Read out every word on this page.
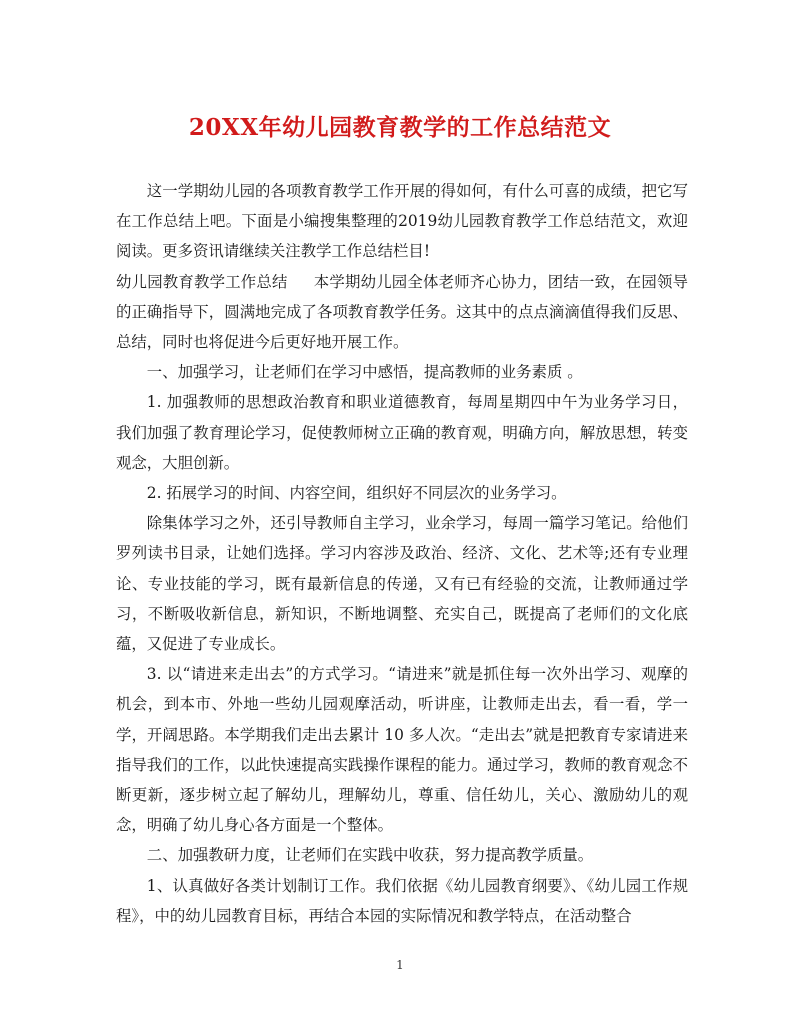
20XX年幼儿园教育教学的工作总结范文

这一学期幼儿园的各项教育教学工作开展的得如何，有什么可喜的成绩，把它写在工作总结上吧。下面是小编搜集整理的2019幼儿园教育教学工作总结范文，欢迎阅读。更多资讯请继续关注教学工作总结栏目!

幼儿园教育教学工作总结 本学期幼儿园全体老师齐心协力，团结一致，在园领导的正确指导下，圆满地完成了各项教育教学任务。这其中的点点滴滴值得我们反思、总结，同时也将促进今后更好地开展工作。

一、加强学习，让老师们在学习中感悟，提高教师的业务素质 。

1. 加强教师的思想政治教育和职业道德教育，每周星期四中午为业务学习日，我们加强了教育理论学习，促使教师树立正确的教育观，明确方向，解放思想，转变观念，大胆创新。

2. 拓展学习的时间、内容空间，组织好不同层次的业务学习。

除集体学习之外，还引导教师自主学习，业余学习，每周一篇学习笔记。给他们罗列读书目录，让她们选择。学习内容涉及政治、经济、文化、艺术等;还有专业理论、专业技能的学习，既有最新信息的传递，又有已有经验的交流，让教师通过学习，不断吸收新信息，新知识，不断地调整、充实自己，既提高了老师们的文化底蕴，又促进了专业成长。

3. 以“请进来走出去”的方式学习。“请进来”就是抓住每一次外出学习、观摩的机会，到本市、外地一些幼儿园观摩活动，听讲座，让教师走出去，看一看，学一学，开阔思路。本学期我们走出去累计 10 多人次。“走出去”就是把教育专家请进来指导我们的工作，以此快速提高实践操作课程的能力。通过学习，教师的教育观念不断更新，逐步树立起了解幼儿，理解幼儿，尊重、信任幼儿，关心、激励幼儿的观念，明确了幼儿身心各方面是一个整体。

二、加强教研力度，让老师们在实践中收获，努力提高教学质量。

1、认真做好各类计划制订工作。我们依据《幼儿园教育纲要》、《幼儿园工作规程》，中的幼儿园教育目标，再结合本园的实际情况和教学特点，在活动整合

1
